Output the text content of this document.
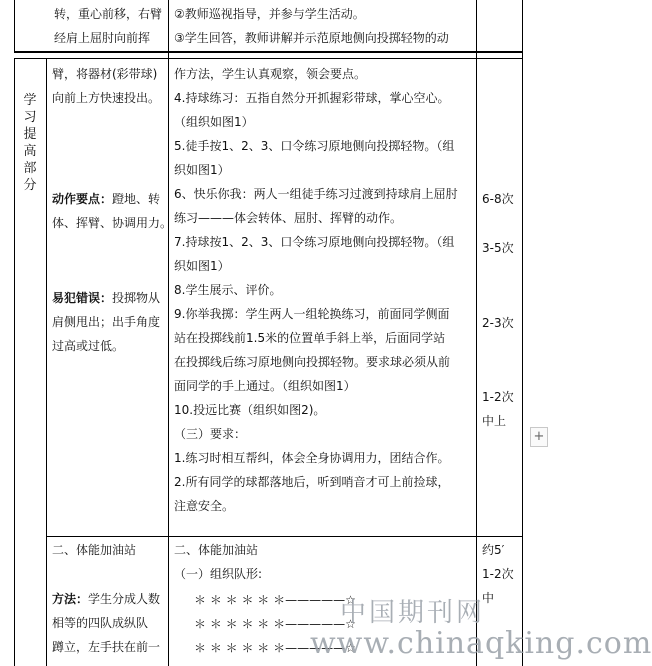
转，重心前移，右臂
经肩上屈肘向前挥
②教师巡视指导，并参与学生活动。
③学生回答，教师讲解并示范原地侧向投掷轻物的动
学
习
提
高
部
分
臂，将器材(彩带球)
向前上方快速投出。
动作要点：蹬地、转
体、挥臂、协调用力。
易犯错误：投掷物从
肩侧甩出；出手角度
过高或过低。
二、体能加油站
方法：学生分成人数
相等的四队成纵队
蹲立，左手扶在前一
作方法，学生认真观察，领会要点。
4.持球练习：五指自然分开抓握彩带球，掌心空心。
（组织如图1）
5.徒手按1、2、3、口令练习原地侧向投掷轻物。（组
织如图1）
6、快乐你我：两人一组徒手练习过渡到持球肩上屈肘
练习———体会转体、屈肘、挥臂的动作。
7.持球按1、2、3、口令练习原地侧向投掷轻物。（组
织如图1）
8.学生展示、评价。
9.你举我掷：学生两人一组轮换练习，前面同学侧面
站在投掷线前1.5米的位置单手斜上举，后面同学站
在投掷线后练习原地侧向投掷轻物。要求球必须从前
面同学的手上通过。（组织如图1）
10.投远比赛（组织如图2)。
（三）要求：
1.练习时相互帮纠，体会全身协调用力，团结合作。
2.所有同学的球都落地后，听到哨音才可上前捡球，
注意安全。
二、体能加油站
（一）组织队形:
＊ ＊ ＊ ＊ ＊ ＊—————☆
＊ ＊ ＊ ＊ ＊ ＊—————☆
＊ ＊ ＊ ＊ ＊ ＊—————☆
6-8次
3-5次
2-3次
1-2次
中上
约5′
1-2次
中
+
中国期刊网
www.chinaqking.com
